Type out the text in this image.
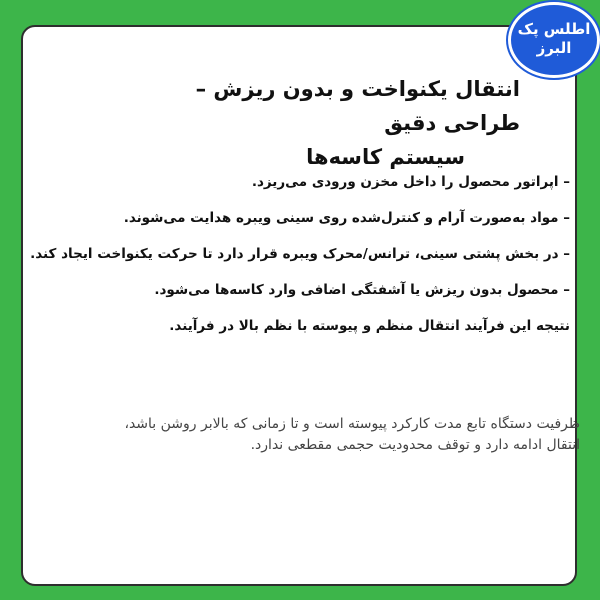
اطلس پک
البرز
انتقال یکنواخت و بدون ریزش – طراحی دقیق
سیستم کاسه‌ها
– اپراتور محصول را داخل مخزن ورودی می‌ریزد.
– مواد به‌صورت آرام و کنترل‌شده روی سینی ویبره هدایت می‌شوند.
– در بخش پشتی سینی، ترانس/محرک ویبره قرار دارد تا حرکت یکنواخت ایجاد کند.
– محصول بدون ریزش یا آشفتگی اضافی وارد کاسه‌ها می‌شود.
نتیجه این فرآیند انتقال منظم و پیوسته با نظم بالا در فرآیند.

ظرفیت دستگاه تابع مدت کارکرد پیوسته است و تا زمانی که بالابر روشن باشد،
انتقال ادامه دارد و توقف محدودیت حجمی مقطعی ندارد.
